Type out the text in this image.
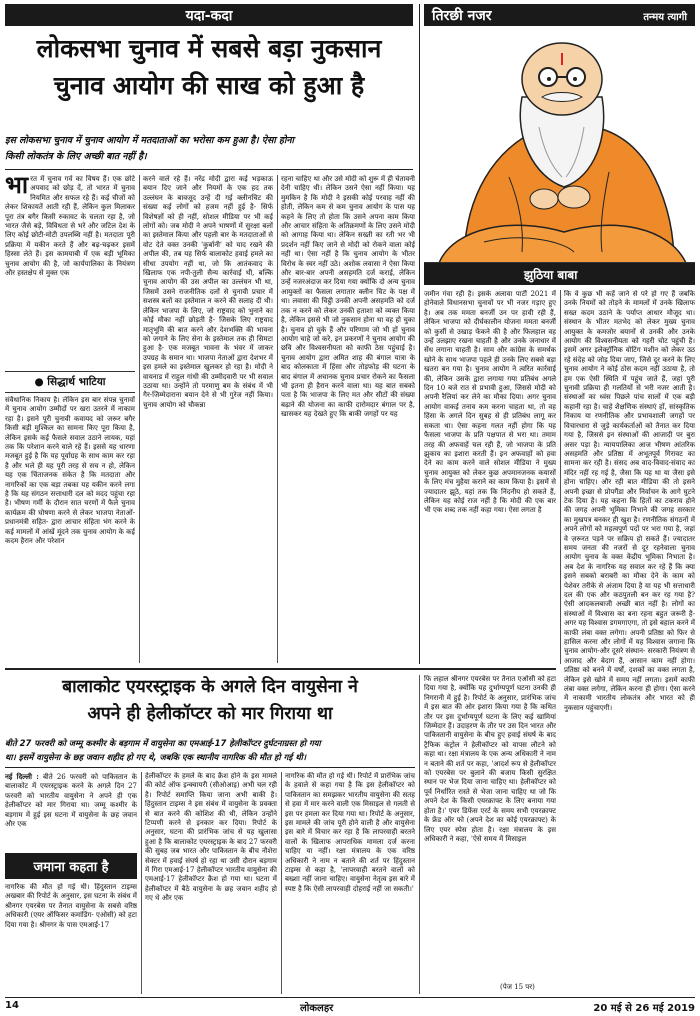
यदा-कदा
लोकसभा चुनाव में सबसे बड़ा नुकसान
चुनाव आयोग की साख को हुआ है
इस लोकसभा चुनाव में चुनाव आयोग में मतदाताओं का भरोसा कम हुआ है। ऐसा होना
किसी लोकतंत्र के लिए अच्छी बात नहीं है।
भा रत में चुनाव गर्व का विषय हैं। एक छोटे अपवाद को छोड़ दें, तो भारत में चुनाव नियमित और सफल रहे हैं। कई चीजों को लेकर शिकायतें आती रही हैं, लेकिन कुल मिलाकर पूरा तंत्र बगैर किसी रुकावट के चलता रहा है, जो भारत जैसे बड़े, विविधता से भरे और जटिल देश के लिए कोई छोटी-मोटी उपलब्धि नहीं है। मतदाता पूरी प्रक्रिया में यकीन करते हैं और बढ़-चढ़कर इसमें हिस्सा लेते हैं। इस कामयाबी में एक बड़ी भूमिका चुनाव आयोग की है, जो कार्यपालिका के नियंत्रण और हस्तक्षेप से मुक्त एक
● सिद्धार्थ भाटिया
संवैधानिक निकाय है। लेकिन इस बार संपन्न चुनावों में चुनाव आयोग उम्मीदों पर खरा उतरने में नाकाम रहा है। इसने पूरी चुनावी कवायद को जरूर बगैर किसी बड़ी मुश्किल का सामना किए पूरा किया है, लेकिन इसके कई फैसले सवाल उठाने लायक, यहां तक कि परेशान करने वाले रहे हैं। इससे यह धारणा मजबूत हुई है कि यह पूर्वाग्रह के साथ काम कर रहा है और भले ही यह पूरी तरह से सच न हो, लेकिन यह एक चिंताजनक संकेत है कि मतदाता और नागरिकों का एक बड़ा तबका यह यकीन करने लगा है कि यह संगठन सत्ताधारी दल को मदद पहुंचा रहा है। भीषण गर्मी के दौरान सात चरणों में फैले चुनाव कार्यक्रम की घोषणा करने से लेकर भाजपा नेताओं- प्रधानमंत्री सहित- द्वारा आचार संहिता भंग करने के कई मामलों में आंखें मूंदने तक चुनाव आयोग के कई कदम हैरान और परेशान
करने वाले रहे हैं। नरेंद्र मोदी द्वारा कई भड़काऊ बयान दिए जाने और नियमों के एक हद तक उल्लंघन के बावजूद उन्हें दी गई क्लीनचिट की संख्या कई लोगों को हजम नहीं हुई है- सिर्फ विशेषज्ञों को ही नहीं, सोशल मीडिया पर भी कई लोगों को। जब मोदी ने अपने भाषणों में सुरक्षा बलों का इस्तेमाल किया और पहली बार के मतदाताओं से वोट देते वक्त उनकी 'कुर्बानी' को याद रखने की अपील की, तब यह सिर्फ बालाकोट हवाई हमले का सीधा उपयोग नहीं था, जो कि आतंकवाद के खिलाफ एक नपी-तुली सैन्य कार्रवाई थी, बल्कि चुनाव आयोग की उस अपील का उल्लंघन भी था, जिसमें उसने राजनीतिक दलों से चुनावी प्रचार में सशस्त्र बलों का इस्तेमाल न करने की सलाह दी थी। लेकिन भाजपा के लिए, जो राष्ट्रवाद को भुनाने का कोई मौका नहीं छोड़ती है- जिसके लिए राष्ट्रवाद मातृभूमि की बात करने और देशभक्ति की भावना को जगाने के लिए सेना के इस्तेमाल तक ही सिमटा हुआ है- एक मजबूत भावना के भंवर में जाकर उपग्रह के समान था। भाजपा नेताओं द्वारा देशभर में इस हमले का इस्तेमाल खुलकर हो रहा है। मोदी ने वायनाड में राहुल गांधी की उम्मीदवारी पर भी सवाल उठाया था। उन्होंने तो परमाणु बम के संबंध में भी गैर-जिम्मेदाराना बयान देने से भी गुरेज नहीं किया। चुनाव आयोग को चौकन्ना
रहना चाहिए था और उसे मोदी को शुरू में ही चेतावनी देनी चाहिए थी। लेकिन उसने ऐसा नहीं किया। यह मुमकिन है कि मोदी ने इसकी कोई परवाह नहीं की होती, लेकिन कम से कम चुनाव आयोग के पास यह कहने के लिए तो होता कि उसने अपना काम किया और आचार संहिता के अतिक्रमणों के लिए उसने मोदी को आगाह किया था। लेकिन सख्ती का रती भर भी प्रदर्शन नहीं किए जाने से मोदी को रोकने वाला कोई नहीं था। ऐसा नहीं है कि चुनाव आयोग के भीतर विरोध के स्वर नहीं उठे। अशोक लवासा ने ऐसा किया और बार-बार अपनी असहमति दर्ज कराई, लेकिन उन्हें नजरअंदाज कर दिया गया क्योंकि दो अन्य चुनाव आयुक्तों का फैसला लगातार क्लीन चिट के पक्ष में था। लवासा की चिट्ठी उनकी अपनी असहमति को दर्ज तक न करने को लेकर उनकी हताशा को व्यक्त किया है, लेकिन इससे भी जो नुकसान होना था वह हो चुका है। चुनाव हो चुके हैं और परिणाम जो भी हों चुनाव आयोग चाहे जो करे, इन प्रकरणों ने चुनाव आयोग की छवि और विश्वसनीयता को काफी ठेस पहुंचाई है। चुनाव आयोग द्वारा अमित शाह की बंगाल यात्रा के बाद कोलकाता में हिंसा और तोड़फोड़ की घटना के बाद बंगाल में अचानक चुनाव प्रचार रोकने का फैसला भी इतना ही हैरान करने वाला था। यह बात सबको पता है कि भाजपा के लिए मत और सीटों की संख्या बढ़ाने की योजना का काफी दारोमदार बंगाल पर है, खासकर यह देखते हुए कि बाकी जगहों पर यह
तिरछी नजर	तन्मय त्यागी
झुठिया बाबा
जमीन गंवा रही है। इसके अलावा पार्टी 2021 में होनेवाले विधानसभा चुनावों पर भी नजर गड़ाए हुए है। अब तक ममता बनर्जी उन पर हावी रही हैं, लेकिन भाजपा को दीर्घकालीन योजना ममता बनर्जी को कुर्सी से उखाड़ फेंकने की है और फिलहाल वह उन्हें उलझाए रखना चाहती है और उनके जनाधार में सेंध लगाना चाहती है। साम और कांग्रेस के समर्थक खोने के साथ भाजपा पहले ही उनके लिए सबसे बड़ा खतरा बन गया है। चुनाव आयोग ने त्वरित कार्रवाई की, लेकिन उसके द्वारा लगाया गया प्रतिबंध अगले दिन 10 बजे रात से प्रभावी हुआ, जिससे मोदी को अपनी रैलियां कर लेने का मौका दिया। अगर चुनाव आयोग वाकई तनाव कम करना चाहता था, तो वह हिंसा के अगले दिन सुबह से ही प्रतिबंध लागू कर सकता था। ऐसा कहना गलत नहीं होगा कि यह फैसला भाजपा के प्रति पक्षपात से भरा था। तमाम तरह की अफवाहें चल रही हैं, जो भाजपा के प्रति झुकाव का इशारा करती हैं। इन अफवाहों को हवा देने का काम करने वाले सोशल मीडिया ने मुख्य चुनाव आयुक्त को लेकर कुछ अपमानजनक कयासों के लिए मंच मुहैया कराने का काम किया है। इसमें से ज्यादातर झूठे, यहां तक कि निंदनीय हो सकते हैं, लेकिन यह कोई राज नहीं है कि मोदी की एक बार भी एक शब्द तक नहीं कहा गया। ऐसा लगता है
कि वे कुछ भी कहें जाने से परे हो गए हैं जबकि उनके नियमों को तोड़ने के मामलों में उनके खिलाफ सख्त कदम उठाने के पर्याप्त आधार मौजूद था। संस्थान के भीतर मतभेद को लेकर मुख्य चुनाव आयुक्त के कमजोर बयानों से उनकी और उनके आयोग की विश्वसनीयता को गहरी चोट पहुंची है। इसमें अगर इलेक्ट्रॉनिक वोटिंग मशीन को लेकर उठ रहे संदेह को जोड़ दिया जाए, जिसे दूर करने के लिए चुनाव आयोग ने कोई ठोस कदम नहीं उठाया है, तो हम एक ऐसी स्थिति में पहुंच जाते हैं, जहां पूरी चुनावी प्रक्रिया ही गलतियों से भरी नजर आती है। संस्थाओं का ध्वंस पिछले पांच सालों में एक बड़ी कहानी रहा है। चाहे शैक्षणिक संस्थाएं हों, सांस्कृतिक निकाय या रणनीतिक और प्रभावशाली जगहों पर विचारधारा से जुड़े कार्यकर्ताओं को तैनात कर दिया गया है, जिससे इन संस्थाओं की आजादी पर बुरा असर पड़ा है। न्यायपालिका आज भीषण आंतरिक असहमति और प्रतिष्ठा में अभूतपूर्व गिरावट का सामना कर रही है। संसद अब वाद-विवाद-संवाद का मंदिर नहीं रह गई है, जैसा कि यह था या जैसा इसे होना चाहिए। और रही बात मीडिया की तो इसने अपनी इच्छा से प्रोपगैंडा और निर्वाचन के आगे घुटने टेक दिया है। यह कहना कि हितों का टकराव होने की जगह अपनी भूमिका निभाने की जगह सरकार का मुखपत्र बनकर ही खुश है। रणनीतिक संगठनों में अपने लोगों को महत्वपूर्ण पदों पर भरा गया है, जहां वे ज़रूरत पड़ने पर सक्रिय हो सकते हैं। ज्यादातर समय जनता की नजरों से दूर रहनेवाला चुनाव आयोग चुनाव के वक्त केंद्रीय भूमिका निभाता है। अब देश के नागरिक यह सवाल कर रहे हैं कि क्या इसने सबको बराबरी का मौका देने के काम को पेशेवर तरीके से अंजाम दिया है या यह भी सत्ताधारी दल की एक और कठपुतली बन कर रह गया है? ऐसी आदकलबाजी अच्छी बात नहीं है। लोगों का संस्थाओं में विश्वास का बना रहना बहुत जरूरी है- अगर यह विश्वास डगमगाएगा, तो इसे बहाल करने में काफी लंबा वक्त लगेगा। अपनी प्रतिष्ठा को फिर से हासिल करना और लोगों में यह विश्वास जगाना कि चुनाव आयोग-और दूसरे संस्थान- सरकारी नियंत्रण से आजाद और बेदाग हैं, आसान काम नहीं होगा। प्रतिष्ठा को बनने में वर्षों, दशकों का वक्त लगता है, लेकिन इसे खोने में समय नहीं लगता। इसमें काफी लंबा वक्त लगेगा, लेकिन करना ही होगा। ऐसा करने में नाकामी भारतीय लोकतंत्र और भारत को ही नुकसान पहुंचाएगी।
बालाकोट एयरस्ट्राइक के अगले दिन वायुसेना ने
अपने ही हेलीकॉप्टर को मार गिराया था
बीते 27 फरवरी को जम्मू कश्मीर के बड़गाम में वायुसेना का एमआई-17 हेलीकॉप्टर दुर्घटनाग्रस्त हो गया
था। इसमें वायुसेना के छह जवान शहीद हो गए थे, जबकि एक स्थानीय नागरिक की मौत हो गई थी।
नई दिल्ली : बीते 26 फरवरी को पाकिस्तान के बालाकोट में एयरस्ट्राइक करने के अगले दिन 27 फरवरी को भारतीय वायुसेना ने अपने ही एक हेलीकॉप्टर को मार गिराया था। जम्मू कश्मीर के बड़गाम में हुई इस घटना में वायुसेना के छह जवान और एक
जमाना कहता है
नागरिक की मौत हो गई थी। हिंदुस्तान टाइम्स अखबार की रिपोर्ट के अनुसार, इस घटना के संबंध में श्रीनगर एयरबेस पर तैनात वायुसेना के सबसे वरिष्ठ अधिकारी (एयर ऑफिसर कमांडिंग- एओसी) को हटा दिया गया है। श्रीनगर के पास एमआई-17
हेलीकॉप्टर के हमले के बाद क्रैश होने के इस मामले की कोर्ट ऑफ इन्क्वायरी (सीओआइ) अभी चल रही है। रिपोर्ट समाप्ति किया जाना अभी बाकी है। हिंदुस्तान टाइम्स ने इस संबंध में वायुसेना के प्रवक्ता से बात करने की कोशिश की थी, लेकिन उन्होंने टिप्पणी करने से इनकार कर दिया। रिपोर्ट के अनुसार, घटना की प्रारंभिक जांच से यह खुलासा हुआ है कि बालाकोट एयरस्ट्राइक के बाद 27 फरवरी की सुबह जब भारत और पाकिस्तान के बीच नौशेरा सेक्टर में हवाई संघर्ष हो रहा था उसी दौरान बड़गाम में गिरा एमआई-17 हेलीकॉप्टर भारतीय वायुसेना की एमआई-17 हेलीकॉप्टर क्रैश हो गया था। घटना में हेलीकॉप्टर में बैठे वायुसेना के छह जवान शहीद हो गए थे और एक
नागरिक की मौत हो गई थी। रिपोर्ट में प्रारंभिक जांच के हवाले से कहा गया है कि इस हेलीकॉप्टर को पाकिस्तान का समझकर भारतीय वायुसेना की सतह से हवा में मार करने वाली एक मिसाइल से गलती से इस पर हमला कर दिया गया था। रिपोर्ट के अनुसार, इस मामले की जांच पूरी होने वाली है और वायुसेना इस बारे में विचार कर रहा है कि लापरवाही बरतने वालों के खिलाफ आपराधिक मामला दर्ज करना चाहिए या नहीं। रक्षा मंत्रालय के एक वरिष्ठ अधिकारी ने नाम न बताने की शर्त पर हिंदुस्तान टाइम्स से कहा है, 'लापरवाही बरतने वालों को बख्शा नहीं जाना चाहिए। वायुसेना नेतृत्व इस बारे में स्पष्ट है कि ऐसी लापरवाही दोहराई नहीं जा सकती।'
फि लहाल श्रीनगर एयरबेस पर तैनात एओसी को हटा दिया गया है, क्योंकि यह दुर्भाग्यपूर्ण घटना उनकी ही निगरानी में हुई है। रिपोर्ट के अनुसार, प्रारंभिक जांच में इस बात की ओर इशारा किया गया है कि कथित तौर पर इस दुर्भाग्यपूर्ण घटना के लिए कई खामियां जिम्मेदार हैं। उदाहरण के तौर पर उस दिन भारत और पाकिस्तानी वायुसेना के बीच हुए हवाई संघर्ष के बाद ट्रैफिक कंट्रोल ने हेलीकॉप्टर को वापस लौटने को कहा था। रक्षा मंत्रालय के एक अन्य अधिकारी ने नाम न बताने की शर्त पर कहा, 'आदर्श रूप से हेलीकॉप्टर को एयरबेस पर बुलाने की बजाय किसी सुरक्षित स्थान पर भेज दिया जाना चाहिए था। हेलीकॉप्टर को पूर्व निर्धारित रास्ते से भेजा जाना चाहिए था जो कि अपने देश के किसी एयरक्राफ्ट के लिए बनाया गया होता है।' एयर डिफेंस एरर्ट के समय सभी एयरक्राफ्ट के फ्रेंड ऑर फो (अपने देश का कोई एयरक्राफ्ट) के लिए एयर स्पेस होता है। रक्षा मंत्रालय के इस अधिकारी ने कहा, 'ऐसे समय में मिसाइल
(पेज 15 पर)
14	लोकलहर	20 मई से 26 मई 2019
